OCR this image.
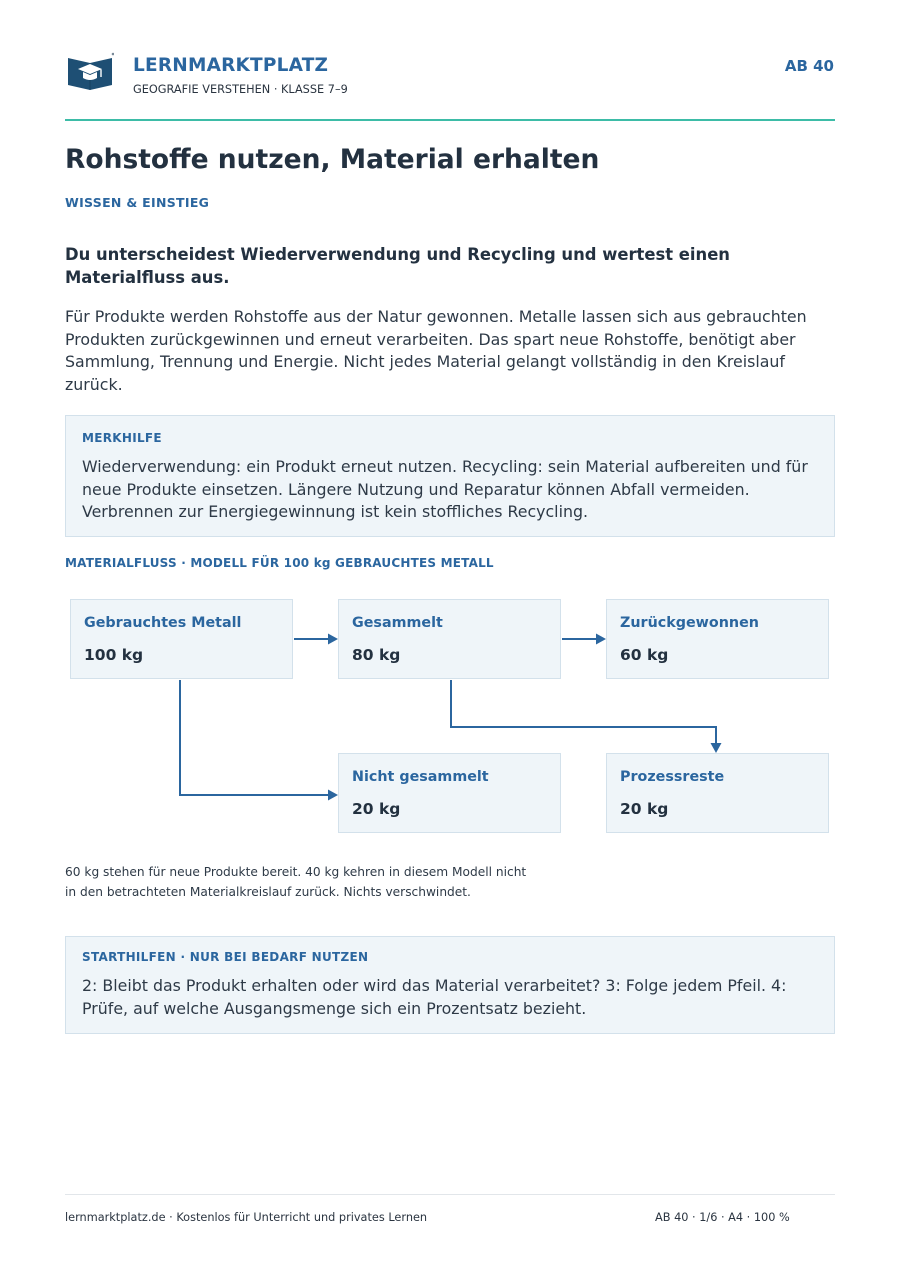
LERNMARKTPLATZ
GEOGRAFIE VERSTEHEN · KLASSE 7–9
AB 40
Rohstoffe nutzen, Material erhalten
WISSEN & EINSTIEG
Du unterscheidest Wiederverwendung und Recycling und wertest einen Materialfluss aus.
Für Produkte werden Rohstoffe aus der Natur gewonnen. Metalle lassen sich aus gebrauchten Produkten zurückgewinnen und erneut verarbeiten. Das spart neue Rohstoffe, benötigt aber Sammlung, Trennung und Energie. Nicht jedes Material gelangt vollständig in den Kreislauf zurück.
MERKHILFE
Wiederverwendung: ein Produkt erneut nutzen. Recycling: sein Material aufbereiten und für neue Produkte einsetzen. Längere Nutzung und Reparatur können Abfall vermeiden. Verbrennen zur Energiegewinnung ist kein stoffliches Recycling.
MATERIALFLUSS · MODELL FÜR 100 kg GEBRAUCHTES METALL
Gebrauchtes Metall
100 kg
Gesammelt
80 kg
Zurückgewonnen
60 kg
Nicht gesammelt
20 kg
Prozessreste
20 kg
60 kg stehen für neue Produkte bereit. 40 kg kehren in diesem Modell nicht in den betrachteten Materialkreislauf zurück. Nichts verschwindet.
STARTHILFEN · NUR BEI BEDARF NUTZEN
2: Bleibt das Produkt erhalten oder wird das Material verarbeitet? 3: Folge jedem Pfeil. 4: Prüfe, auf welche Ausgangsmenge sich ein Prozentsatz bezieht.
lernmarktplatz.de · Kostenlos für Unterricht und privates Lernen	AB 40 · 1/6 · A4 · 100 %
